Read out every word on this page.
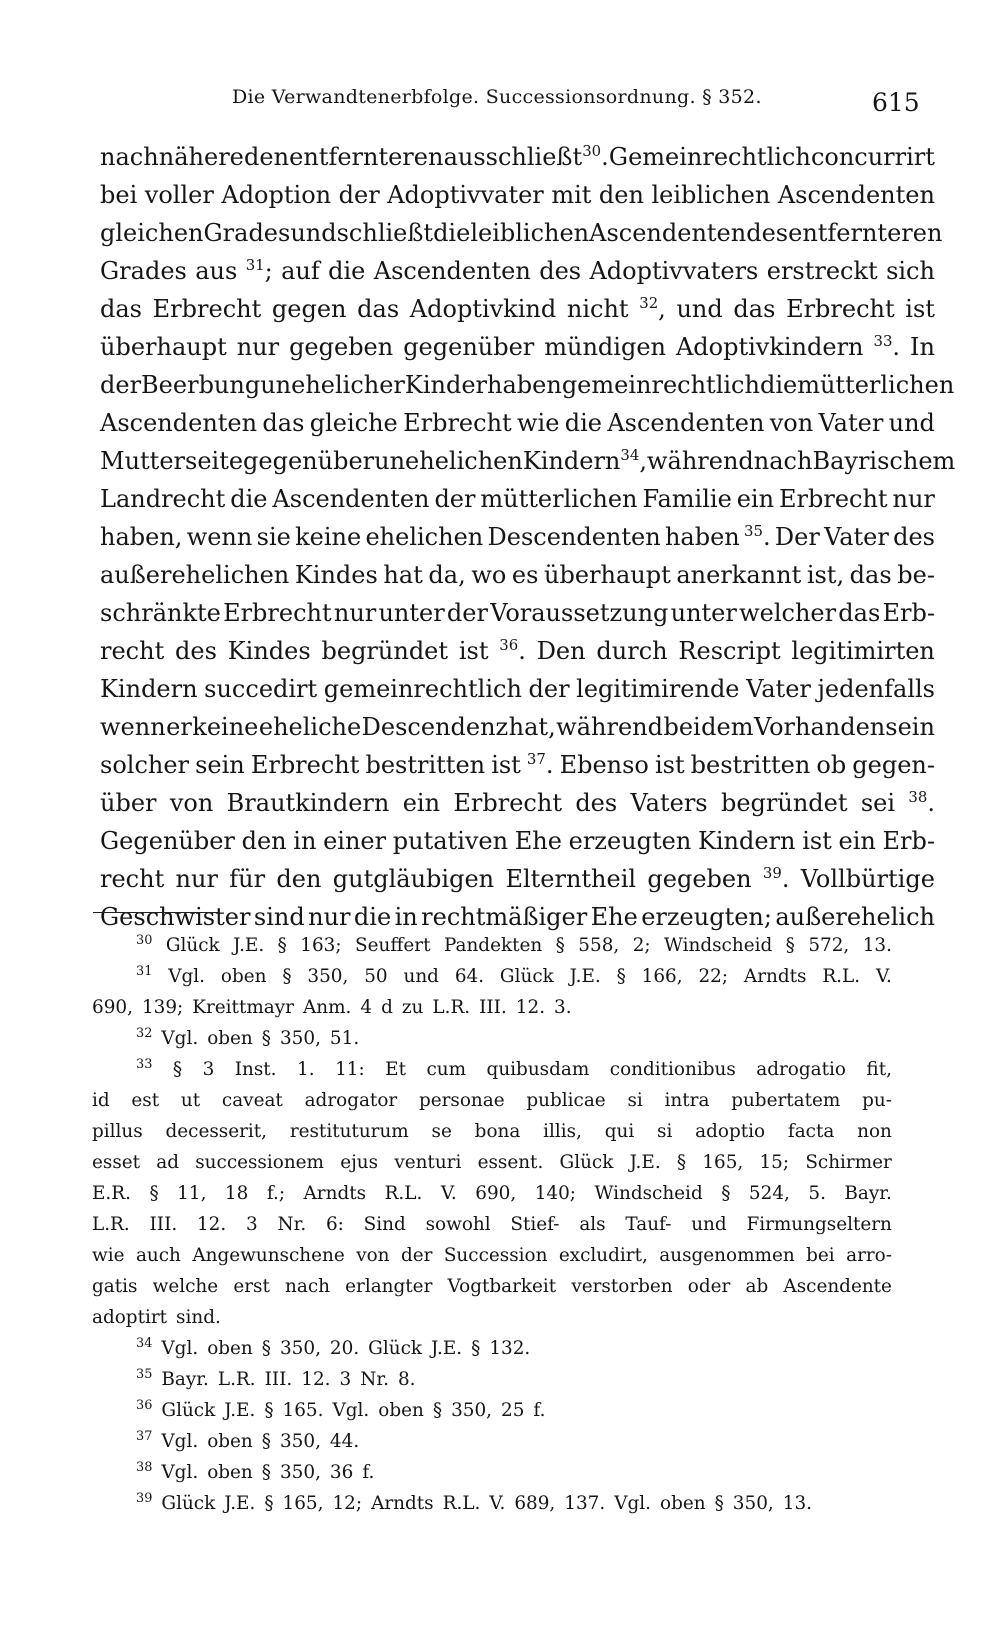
Die Verwandtenerbfolge. Successionsordnung. § 352.	615
nach nähere den entfernteren ausschließt $^{30}$. Gemeinrechtlich concurrirt
bei voller Adoption der Adoptivvater mit den leiblichen Ascendenten
gleichen Grades und schließt die leiblichen Ascendenten des entfernteren
Grades aus $^{31}$; auf die Ascendenten des Adoptivvaters erstreckt sich
das Erbrecht gegen das Adoptivkind nicht $^{32}$, und das Erbrecht ist
überhaupt nur gegeben gegenüber mündigen Adoptivkindern $^{33}$. In
der Beerbung unehelicher Kinder haben gemeinrechtlich die mütterlichen
Ascendenten das gleiche Erbrecht wie die Ascendenten von Vater und
Mutterseite gegenüber unehelichen Kindern $^{34}$, während nach Bayrischem
Landrecht die Ascendenten der mütterlichen Familie ein Erbrecht nur
haben, wenn sie keine ehelichen Descendenten haben $^{35}$. Der Vater des
außerehelichen Kindes hat da, wo es überhaupt anerkannt ist, das be-
schränkte Erbrecht nur unter der Voraussetzung unter welcher das Erb-
recht des Kindes begründet ist $^{36}$. Den durch Rescript legitimirten
Kindern succedirt gemeinrechtlich der legitimirende Vater jedenfalls
wenn er keine eheliche Descendenz hat, während bei dem Vorhandensein
solcher sein Erbrecht bestritten ist $^{37}$. Ebenso ist bestritten ob gegen-
über von Brautkindern ein Erbrecht des Vaters begründet sei $^{38}$.
Gegenüber den in einer putativen Ehe erzeugten Kindern ist ein Erb-
recht nur für den gutgläubigen Elterntheil gegeben $^{39}$. Vollbürtige
Geschwister sind nur die in rechtmäßiger Ehe erzeugten; außerehelich
$^{30}$ Glück J.E. § 163; Seuffert Pandekten § 558, 2; Windscheid § 572, 13.
$^{31}$ Vgl. oben § 350, 50 und 64. Glück J.E. § 166, 22; Arndts R.L. V.
690, 139; Kreittmayr Anm. 4 d zu L.R. III. 12. 3.
$^{32}$ Vgl. oben § 350, 51.
$^{33}$ § 3 Inst. 1. 11: Et cum quibusdam conditionibus adrogatio fit,
id est ut caveat adrogator personae publicae si intra pubertatem pu-
pillus decesserit, restituturum se bona illis, qui si adoptio facta non
esset ad successionem ejus venturi essent. Glück J.E. § 165, 15; Schirmer
E.R. § 11, 18 f.; Arndts R.L. V. 690, 140; Windscheid § 524, 5. Bayr.
L.R. III. 12. 3 Nr. 6: Sind sowohl Stief- als Tauf- und Firmungseltern
wie auch Angewunschene von der Succession excludirt, ausgenommen bei arro-
gatis welche erst nach erlangter Vogtbarkeit verstorben oder ab Ascendente
adoptirt sind.
$^{34}$ Vgl. oben § 350, 20. Glück J.E. § 132.
$^{35}$ Bayr. L.R. III. 12. 3 Nr. 8.
$^{36}$ Glück J.E. § 165. Vgl. oben § 350, 25 f.
$^{37}$ Vgl. oben § 350, 44.
$^{38}$ Vgl. oben § 350, 36 f.
$^{39}$ Glück J.E. § 165, 12; Arndts R.L. V. 689, 137. Vgl. oben § 350, 13.
